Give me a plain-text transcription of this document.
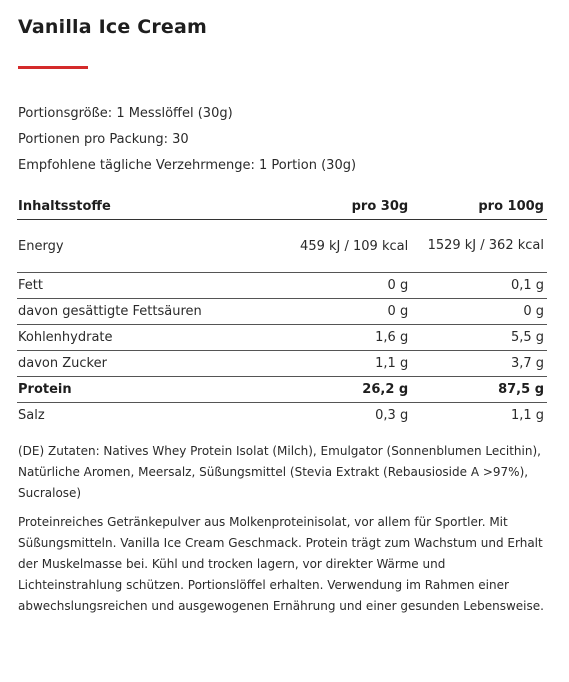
Vanilla Ice Cream
Portionsgröße: 1 Messlöffel (30g)
Portionen pro Packung: 30
Empfohlene tägliche Verzehrmenge: 1 Portion (30g)
Inhaltsstoffe	pro 30g	pro 100g
Energy	459 kJ / 109 kcal	1529 kJ / 362 kcal
Fett	0 g	0,1 g
davon gesättigte Fettsäuren	0 g	0 g
Kohlenhydrate	1,6 g	5,5 g
davon Zucker	1,1 g	3,7 g
Protein	26,2 g	87,5 g
Salz	0,3 g	1,1 g

(DE) Zutaten: Natives Whey Protein Isolat (Milch), Emulgator (Sonnenblumen Lecithin), Natürliche Aromen, Meersalz, Süßungsmittel (Stevia Extrakt (Rebausioside A >97%), Sucralose)

Proteinreiches Getränkepulver aus Molkenproteinisolat, vor allem für Sportler. Mit Süßungsmitteln. Vanilla Ice Cream Geschmack. Protein trägt zum Wachstum und Erhalt der Muskelmasse bei. Kühl und trocken lagern, vor direkter Wärme und Lichteinstrahlung schützen. Portionslöffel erhalten. Verwendung im Rahmen einer abwechslungsreichen und ausgewogenen Ernährung und einer gesunden Lebensweise.
